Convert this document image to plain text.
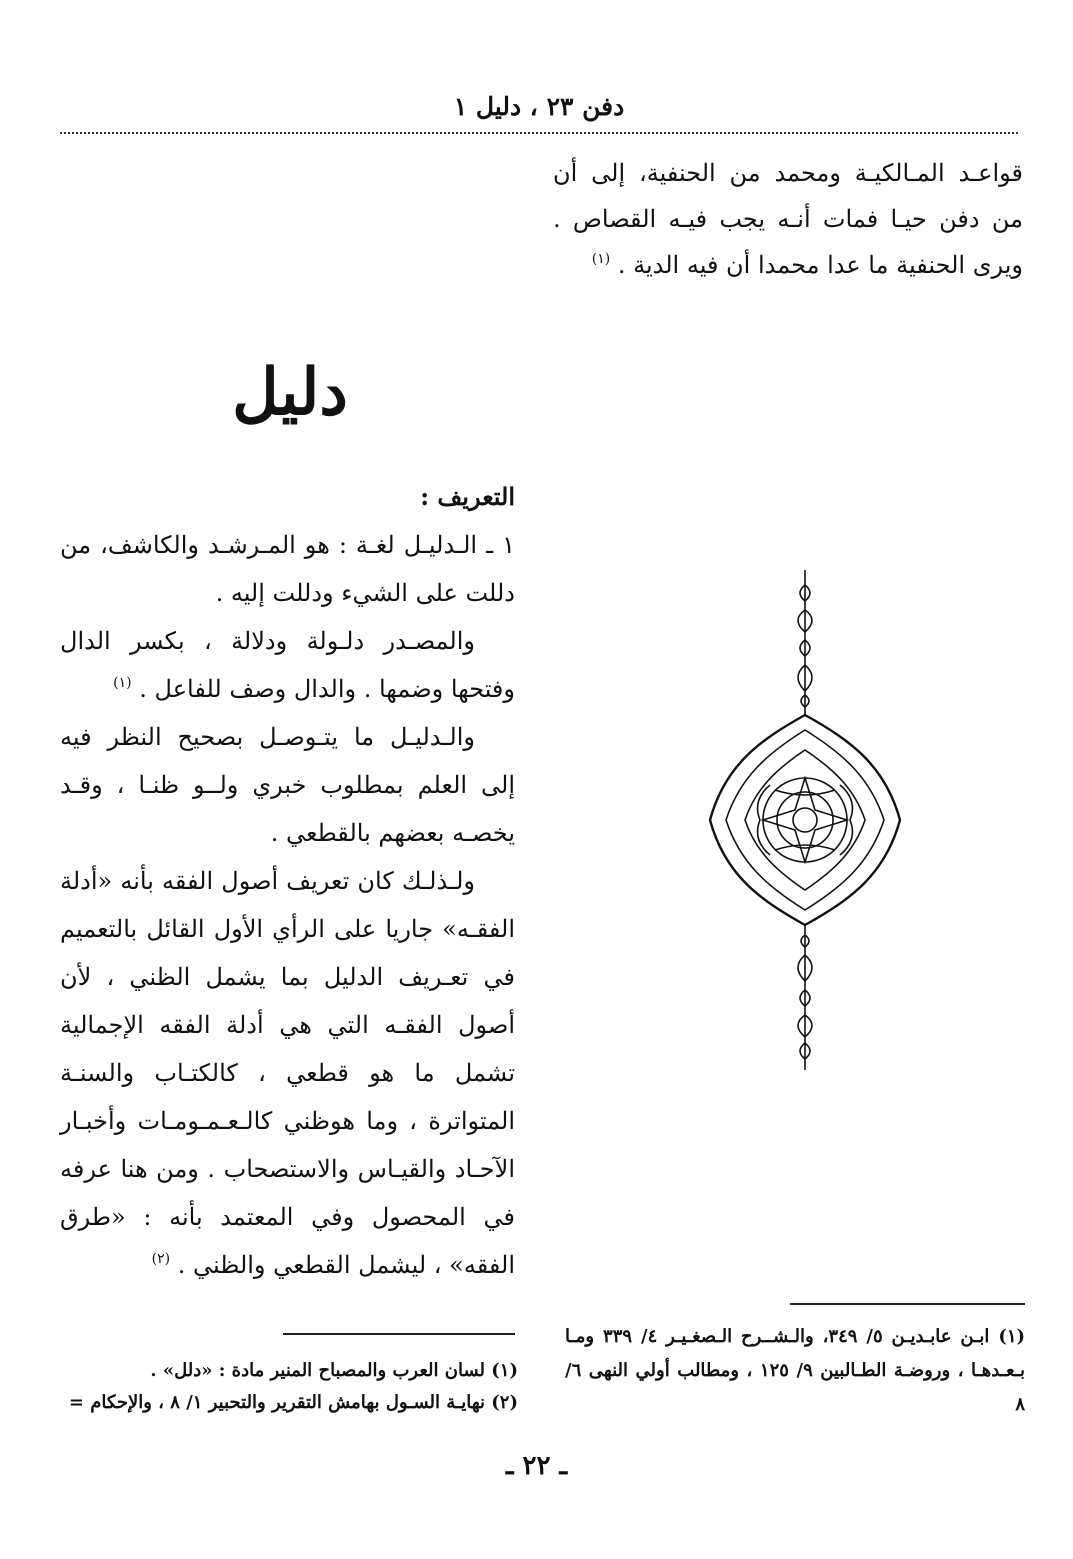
دفن ٢٣ ، دليل ١

قواعـد المـالكيـة ومحمد من الحنفية، إلى أن من دفن حيـا فمات أنـه يجب فيـه القصاص . ويرى الحنفية ما عدا محمدا أن فيه الدية . $^{(١)}$

دليل

التعريف :

١ ـ الـدليـل لغـة : هو المـرشـد والكاشف، من دللت على الشيء ودللت إليه .

والمصـدر دلـولة ودلالة ، بكسر الدال وفتحها وضمها . والدال وصف للفاعل . $^{(١)}$

والـدليـل ما يتـوصـل بصحيح النظر فيه إلى العلم بمطلوب خبري ولــو ظنـا ، وقـد يخصـه بعضهم بالقطعي .

ولـذلـك كان تعريف أصول الفقه بأنه «أدلة الفقـه» جاريا على الرأي الأول القائل بالتعميم في تعـريف الدليل بما يشمل الظني ، لأن أصول الفقـه التي هي أدلة الفقه الإجمالية تشمل ما هو قطعي ، كالكتـاب والسنـة المتواترة ، وما هوظني كالـعـمـومـات وأخبـار الآحـاد والقيـاس والاستصحاب . ومن هنا عرفه في المحصول وفي المعتمد بأنه : «طرق الفقه» ، ليشمل القطعي والظني . $^{(٢)}$

(١) ابـن عابـديـن ٥/ ٣٤٩، والـشــرح الـصغـيـر ٤/ ٣٣٩ ومـا بـعـدهـا ، وروضـة الطـالبين ٩/ ١٢٥ ، ومطالب أولي النهى ٦/ ٨

(١) لسان العرب والمصباح المنير مادة : «دلل» .

(٢) نهايـة السـول بهامش التقرير والتحبير ١/ ٨ ، والإحكام =

ـ ٢٢ ـ
